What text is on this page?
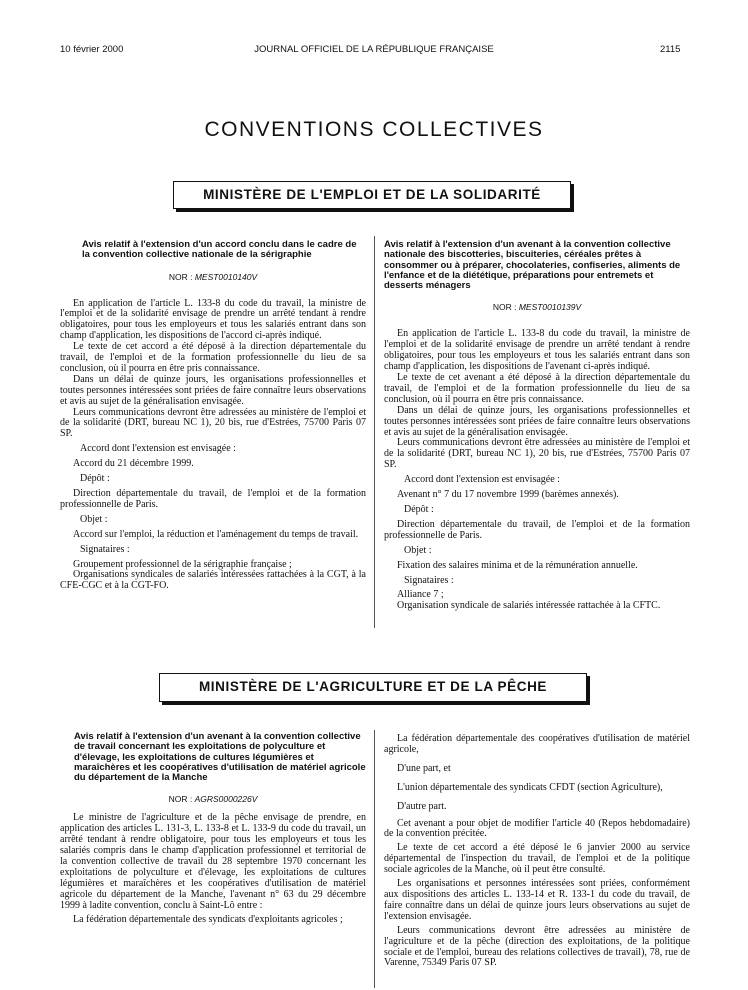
10 février 2000	JOURNAL OFFICIEL DE LA RÉPUBLIQUE FRANÇAISE	2115
CONVENTIONS COLLECTIVES
MINISTÈRE DE L'EMPLOI ET DE LA SOLIDARITÉ
Avis relatif à l'extension d'un accord conclu dans le cadre de la convention collective nationale de la sérigraphie
NOR : MEST0010140V

En application de l'article L. 133-8 du code du travail, la ministre de l'emploi et de la solidarité envisage de prendre un arrêté tendant à rendre obligatoires, pour tous les employeurs et tous les salariés entrant dans son champ d'application, les dispositions de l'accord ci-après indiqué.

Le texte de cet accord a été déposé à la direction départementale du travail, de l'emploi et de la formation professionnelle du lieu de sa conclusion, où il pourra en être pris connaissance.

Dans un délai de quinze jours, les organisations professionnelles et toutes personnes intéressées sont priées de faire connaître leurs observations et avis au sujet de la généralisation envisagée.

Leurs communications devront être adressées au ministère de l'emploi et de la solidarité (DRT, bureau NC 1), 20 bis, rue d'Estrées, 75700 Paris 07 SP.

Accord dont l'extension est envisagée :

Accord du 21 décembre 1999.

Dépôt :

Direction départementale du travail, de l'emploi et de la formation professionnelle de Paris.

Objet :

Accord sur l'emploi, la réduction et l'aménagement du temps de travail.

Signataires :

Groupement professionnel de la sérigraphie française ;

Organisations syndicales de salariés intéressées rattachées à la CGT, à la CFE-CGC et à la CGT-FO.

Avis relatif à l'extension d'un avenant à la convention collective nationale des biscotteries, biscuiteries, céréales prêtes à consommer ou à préparer, chocolateries, confiseries, aliments de l'enfance et de la diététique, préparations pour entremets et desserts ménagers
NOR : MEST0010139V

En application de l'article L. 133-8 du code du travail, la ministre de l'emploi et de la solidarité envisage de prendre un arrêté tendant à rendre obligatoires, pour tous les employeurs et tous les salariés entrant dans son champ d'application, les dispositions de l'avenant ci-après indiqué.

Le texte de cet avenant a été déposé à la direction départementale du travail, de l'emploi et de la formation professionnelle du lieu de sa conclusion, où il pourra en être pris connaissance.

Dans un délai de quinze jours, les organisations professionnelles et toutes personnes intéressées sont priées de faire connaître leurs observations et avis au sujet de la généralisation envisagée.

Leurs communications devront être adressées au ministère de l'emploi et de la solidarité (DRT, bureau NC 1), 20 bis, rue d'Estrées, 75700 Paris 07 SP.

Accord dont l'extension est envisagée :

Avenant n° 7 du 17 novembre 1999 (barèmes annexés).

Dépôt :

Direction départementale du travail, de l'emploi et de la formation professionnelle de Paris.

Objet :

Fixation des salaires minima et de la rémunération annuelle.

Signataires :

Alliance 7 ;

Organisation syndicale de salariés intéressée rattachée à la CFTC.

MINISTÈRE DE L'AGRICULTURE ET DE LA PÊCHE
Avis relatif à l'extension d'un avenant à la convention collective de travail concernant les exploitations de polyculture et d'élevage, les exploitations de cultures légumières et maraîchères et les coopératives d'utilisation de matériel agricole du département de la Manche
NOR : AGRS0000226V

Le ministre de l'agriculture et de la pêche envisage de prendre, en application des articles L. 131-3, L. 133-8 et L. 133-9 du code du travail, un arrêté tendant à rendre obligatoire, pour tous les employeurs et tous les salariés compris dans le champ d'application professionnel et territorial de la convention collective de travail du 28 septembre 1970 concernant les exploitations de polyculture et d'élevage, les exploitations de cultures légumières et maraîchères et les coopératives d'utilisation de matériel agricole du département de la Manche, l'avenant n° 63 du 29 décembre 1999 à ladite convention, conclu à Saint-Lô entre :

La fédération départementale des syndicats d'exploitants agricoles ;

La fédération départementale des coopératives d'utilisation de matériel agricole,

D'une part, et

L'union départementale des syndicats CFDT (section Agriculture),

D'autre part.

Cet avenant a pour objet de modifier l'article 40 (Repos hebdomadaire) de la convention précitée.

Le texte de cet accord a été déposé le 6 janvier 2000 au service départemental de l'inspection du travail, de l'emploi et de la politique sociale agricoles de la Manche, où il peut être consulté.

Les organisations et personnes intéressées sont priées, conformément aux dispositions des articles L. 133-14 et R. 133-1 du code du travail, de faire connaître dans un délai de quinze jours leurs observations au sujet de l'extension envisagée.

Leurs communications devront être adressées au ministère de l'agriculture et de la pêche (direction des exploitations, de la politique sociale et de l'emploi, bureau des relations collectives de travail), 78, rue de Varenne, 75349 Paris 07 SP.
